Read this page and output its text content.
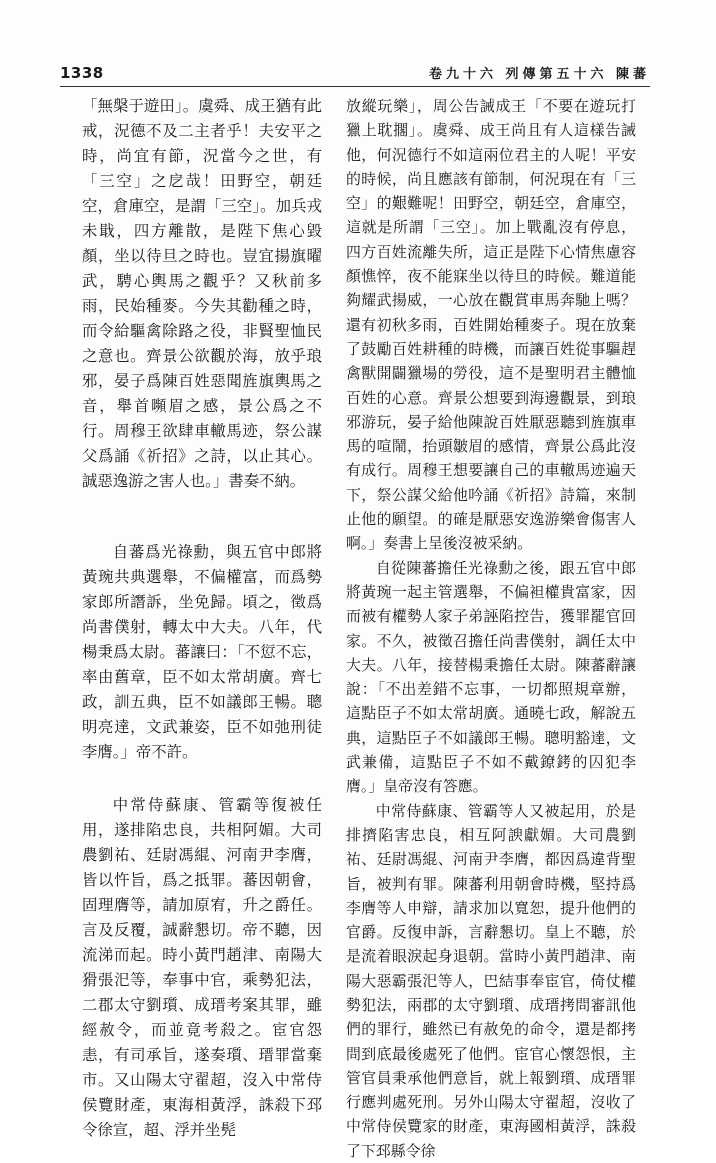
1338	卷九十六 列傳第五十六 陳蕃

「無槃于遊田」。虞舜、成王猶有此戒，況德不及二主者乎！夫安平之時，尚宜有節，況當今之世，有「三空」之戹哉！田野空，朝廷空，倉庫空，是謂「三空」。加兵戎未戢，四方離散，是陛下焦心毀顏，坐以待旦之時也。豈宜揚旗曜武，騁心輿馬之觀乎？又秋前多雨，民始種麥。今失其勸種之時，而令給驅禽除路之役，非賢聖恤民之意也。齊景公欲觀於海，放乎琅邪，晏子爲陳百姓惡聞旌旗輿馬之音，舉首嚬眉之感，景公爲之不行。周穆王欲肆車轍馬迹，祭公謀父爲誦《祈招》之詩，以止其心。誠惡逸游之害人也。」書奏不納。

自蕃爲光祿勳，與五官中郎將黃琬共典選舉，不偏權富，而爲勢家郎所譖訴，坐免歸。頃之，徵爲尚書僕射，轉太中大夫。八年，代楊秉爲太尉。蕃讓曰：「不愆不忘，率由舊章，臣不如太常胡廣。齊七政，訓五典，臣不如議郎王暢。聰明亮達，文武兼姿，臣不如弛刑徒李膺。」帝不許。

中常侍蘇康、管霸等復被任用，遂排陷忠良，共相阿媚。大司農劉祐、廷尉馮緄、河南尹李膺，皆以忤旨，爲之抵罪。蕃因朝會，固理膺等，請加原宥，升之爵任。言及反覆，誠辭懇切。帝不聽，因流涕而起。時小黃門趙津、南陽大猾張汜等，奉事中官，乘勢犯法，二郡太守劉瓆、成瑨考案其罪，雖經赦令，而並竟考殺之。宦官怨恚，有司承旨，遂奏瓆、瑨罪當棄市。又山陽太守翟超，沒入中常侍侯覽財產，東海相黃浮，誅殺下邳令徐宣，超、浮并坐髡

放縱玩樂」，周公告誡成王「不要在遊玩打獵上耽擱」。虞舜、成王尚且有人這樣告誡他，何況德行不如這兩位君主的人呢！平安的時候，尚且應該有節制，何況現在有「三空」的艱難呢！田野空，朝廷空，倉庫空，這就是所謂「三空」。加上戰亂沒有停息，四方百姓流離失所，這正是陛下心情焦慮容顏憔悴，夜不能寐坐以待旦的時候。難道能夠耀武揚威，一心放在觀賞車馬奔馳上嗎？還有初秋多雨，百姓開始種麥子。現在放棄了鼓勵百姓耕種的時機，而讓百姓從事驅趕禽獸開闢獵場的勞役，這不是聖明君主體恤百姓的心意。齊景公想要到海邊觀景，到琅邪游玩，晏子給他陳說百姓厭惡聽到旌旗車馬的喧鬧，抬頭皺眉的感情，齊景公爲此沒有成行。周穆王想要讓自己的車轍馬迹遍天下，祭公謀父給他吟誦《祈招》詩篇，來制止他的願望。的確是厭惡安逸游樂會傷害人啊。」奏書上呈後沒被采納。

自從陳蕃擔任光祿勳之後，跟五官中郎將黃琬一起主管選舉，不偏袒權貴富家，因而被有權勢人家子弟誣陷控告，獲罪罷官回家。不久，被徵召擔任尚書僕射，調任太中大夫。八年，接替楊秉擔任太尉。陳蕃辭讓說：「不出差錯不忘事，一切都照規章辦，這點臣子不如太常胡廣。通曉七政，解說五典，這點臣子不如議郎王暢。聰明豁達，文武兼備，這點臣子不如不戴鐐銬的囚犯李膺。」皇帝沒有答應。

中常侍蘇康、管霸等人又被起用，於是排擠陷害忠良，相互阿諛獻媚。大司農劉祐、廷尉馮緄、河南尹李膺，都因爲違背聖旨，被判有罪。陳蕃利用朝會時機，堅持爲李膺等人申辯，請求加以寬恕，提升他們的官爵。反復申訴，言辭懇切。皇上不聽，於是流着眼淚起身退朝。當時小黃門趙津、南陽大惡霸張汜等人，巴結事奉宦官，倚仗權勢犯法，兩郡的太守劉瓆、成瑨拷問審訊他們的罪行，雖然已有赦免的命令，還是都拷問到底最後處死了他們。宦官心懷怨恨，主管官員秉承他們意旨，就上報劉瓆、成瑨罪行應判處死刑。另外山陽太守翟超，沒收了中常侍侯覽家的財產，東海國相黃浮，誅殺了下邳縣令徐
